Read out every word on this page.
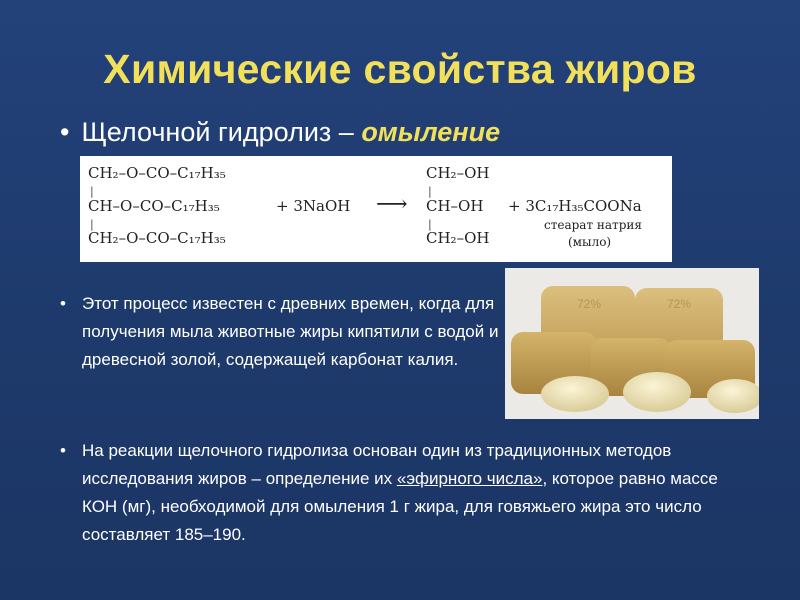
Химические свойства жиров
• Щелочной гидролиз – омыление
CH₂–O–CO–C₁₇H₃₅
|
CH–O–CO–C₁₇H₃₅
|
CH₂–O–CO–C₁₇H₃₅
+ 3NaOH ⟶
CH₂–OH
|
CH–OH
|
CH₂–OH
+ 3C₁₇H₃₅COONa
стеарат натрия
(мыло)
72%	72%
• Этот процесс известен с древних времен, когда для получения мыла животные жиры кипятили с водой и древесной золой, содержащей карбонат калия.
• На реакции щелочного гидролиза основан один из традиционных методов исследования жиров – определение их «эфирного числа», которое равно массе КОН (мг), необходимой для омыления 1 г жира, для говяжьего жира это число составляет 185–190.
